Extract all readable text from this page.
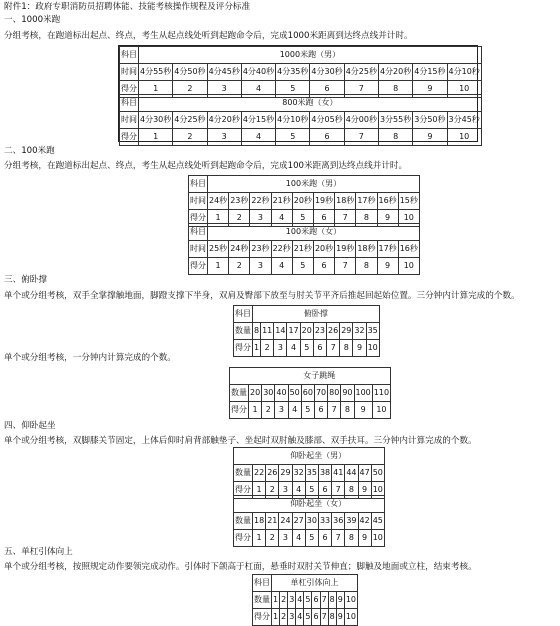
附件1：政府专职消防员招聘体能、技能考核操作规程及评分标准
一、1000米跑
分组考核，在跑道标出起点、终点，考生从起点线处听到起跑命令后，完成1000米距离到达终点线并计时。
科目	1000米跑（男）									
时间	4分55秒	4分50秒	4分45秒	4分40秒	4分35秒	4分30秒	4分25秒	4分20秒	4分15秒	4分10秒
得分	1	2	3	4	5	6	7	8	9	10
科目	800米跑（女）									
时间	4分30秒	4分25秒	4分20秒	4分15秒	4分10秒	4分05秒	4分00秒	3分55秒	3分50秒	3分45秒
得分	1	2	3	4	5	6	7	8	9	10
二、100米跑
分组考核，在跑道标出起点、终点，考生从起点线处听到起跑命令后，完成100米距离到达终点线并计时。
科目	100米跑（男）									
时间	24秒	23秒	22秒	21秒	20秒	19秒	18秒	17秒	16秒	15秒
得分	1	2	3	4	5	6	7	8	9	10
科目	100米跑（女）									
时间	25秒	24秒	23秒	22秒	21秒	20秒	19秒	18秒	17秒	16秒
得分	1	2	3	4	5	6	7	8	9	10
三、俯卧撑
单个或分组考核，双手全掌撑触地面，脚蹬支撑下半身，双肩及臀部下放至与肘关节平齐后推起回起始位置。三分钟内计算完成的个数。
科目	俯卧撑									
数量	8	11	14	17	20	23	26	29	32	35
得分	1	2	3	4	5	6	7	8	9	10
单个或分组考核，一分钟内计算完成的个数。
	女子跳绳									
数量	20	30	40	50	60	70	80	90	100	110
得分	1	2	3	4	5	6	7	8	9	10
四、仰卧起坐
单个或分组考核，双脚膝关节固定，上体后仰时肩背部触垫子、坐起时双肘触及膝部、双手扶耳。三分钟内计算完成的个数。
	仰卧起坐（男）									
数量	22	26	29	32	35	38	41	44	47	50
得分	1	2	3	4	5	6	7	8	9	10
	仰卧起坐（女）									
数量	18	21	24	27	30	33	36	39	42	45
得分	1	2	3	4	5	6	7	8	9	10
五、单杠引体向上
单个或分组考核，按照规定动作要领完成动作。引体时下颌高于杠面，悬垂时双肘关节伸直；脚触及地面或立柱，结束考核。
科目	单杠引体向上									
数量	1	2	3	4	5	6	7	8	9	10
得分	1	2	3	4	5	6	7	8	9	10
